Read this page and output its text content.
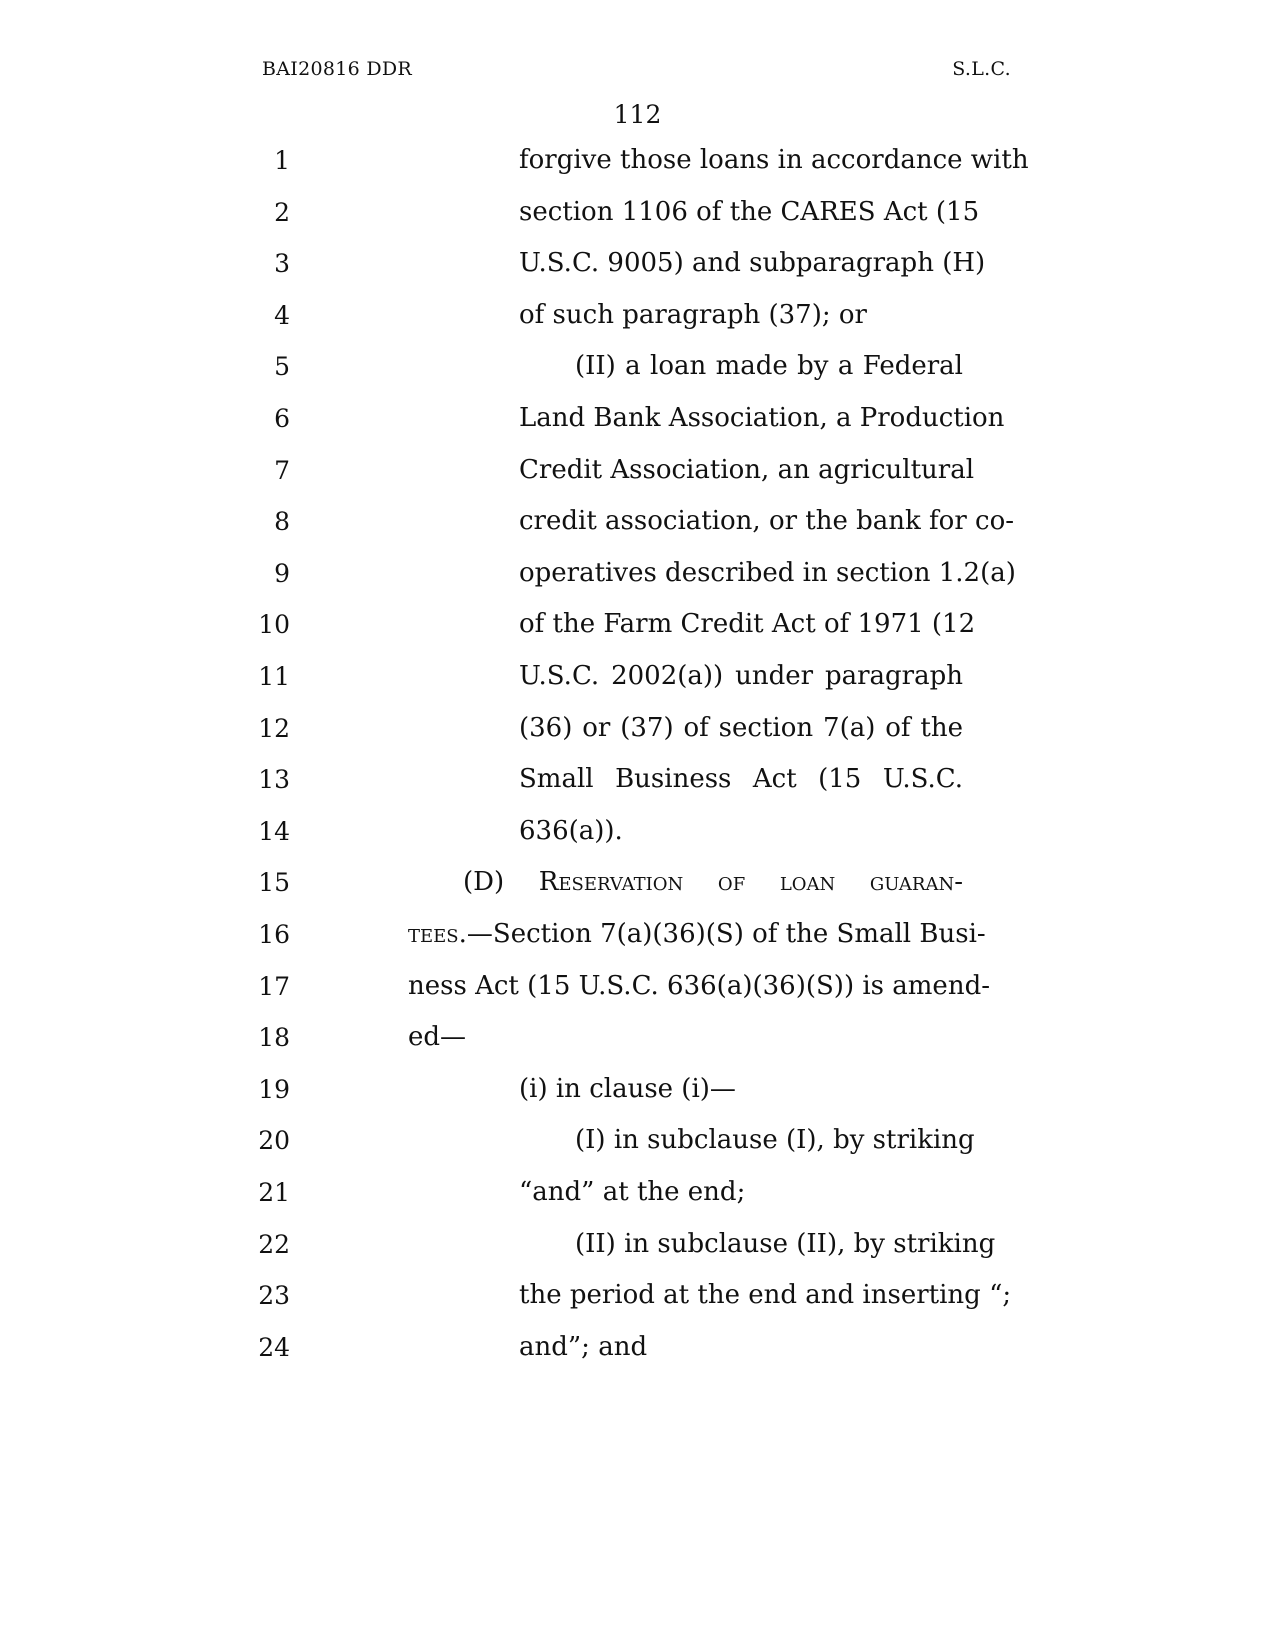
BAI20816 DDR	S.L.C.
112
1	forgive those loans in accordance with
2	section 1106 of the CARES Act (15
3	U.S.C. 9005) and subparagraph (H)
4	of such paragraph (37); or
5	(II) a loan made by a Federal
6	Land Bank Association, a Production
7	Credit Association, an agricultural
8	credit association, or the bank for co-
9	operatives described in section 1.2(a)
10	of the Farm Credit Act of 1971 (12
11	U.S.C. 2002(a)) under paragraph
12	(36) or (37) of section 7(a) of the
13	Small Business Act (15 U.S.C.
14	636(a)).
15	(D) Reservation of loan guaran-
16	tees.—Section 7(a)(36)(S) of the Small Busi-
17	ness Act (15 U.S.C. 636(a)(36)(S)) is amend-
18	ed—
19	(i) in clause (i)—
20	(I) in subclause (I), by striking
21	“and” at the end;
22	(II) in subclause (II), by striking
23	the period at the end and inserting “;
24	and”; and
